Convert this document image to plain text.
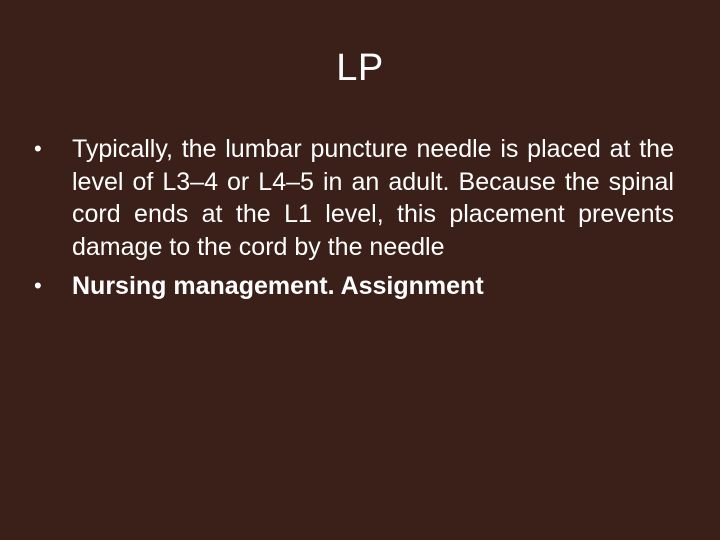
LP
•	Typically, the lumbar puncture needle is placed at the level of L3–4 or L4–5 in an adult. Because the spinal cord ends at the L1 level, this placement prevents damage to the cord by the needle
•	Nursing management. Assignment
